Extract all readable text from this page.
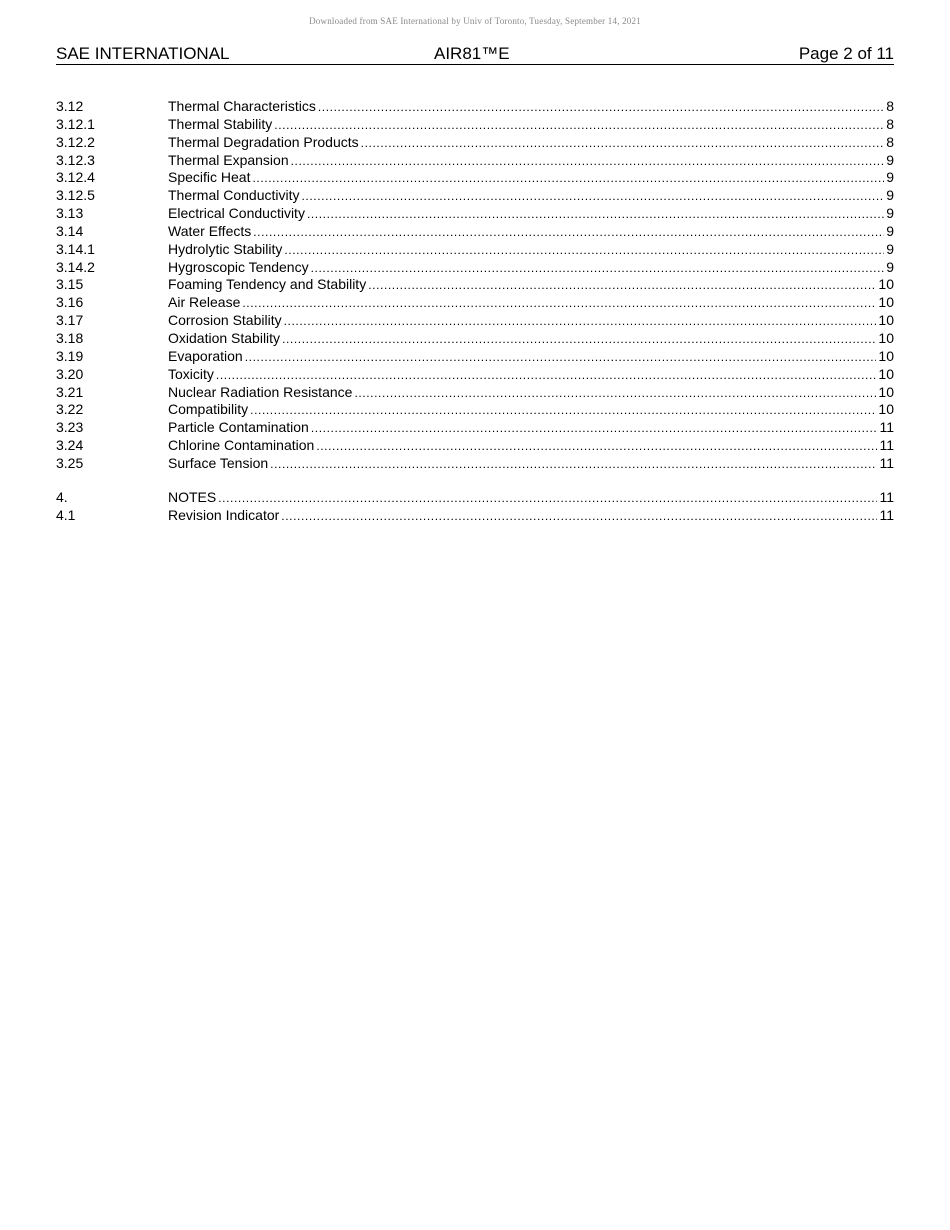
Downloaded from SAE International by Univ of Toronto, Tuesday, September 14, 2021
SAE INTERNATIONAL	AIR81™E	Page 2 of 11
3.12	Thermal Characteristics .....	8
3.12.1	Thermal Stability .....	8
3.12.2	Thermal Degradation Products .....	8
3.12.3	Thermal Expansion .....	9
3.12.4	Specific Heat .....	9
3.12.5	Thermal Conductivity .....	9
3.13	Electrical Conductivity .....	9
3.14	Water Effects .....	9
3.14.1	Hydrolytic Stability .....	9
3.14.2	Hygroscopic Tendency .....	9
3.15	Foaming Tendency and Stability .....	10
3.16	Air Release .....	10
3.17	Corrosion Stability .....	10
3.18	Oxidation Stability .....	10
3.19	Evaporation .....	10
3.20	Toxicity .....	10
3.21	Nuclear Radiation Resistance .....	10
3.22	Compatibility .....	10
3.23	Particle Contamination .....	11
3.24	Chlorine Contamination .....	11
3.25	Surface Tension .....	11
4.	NOTES .....	11
4.1	Revision Indicator .....	11
